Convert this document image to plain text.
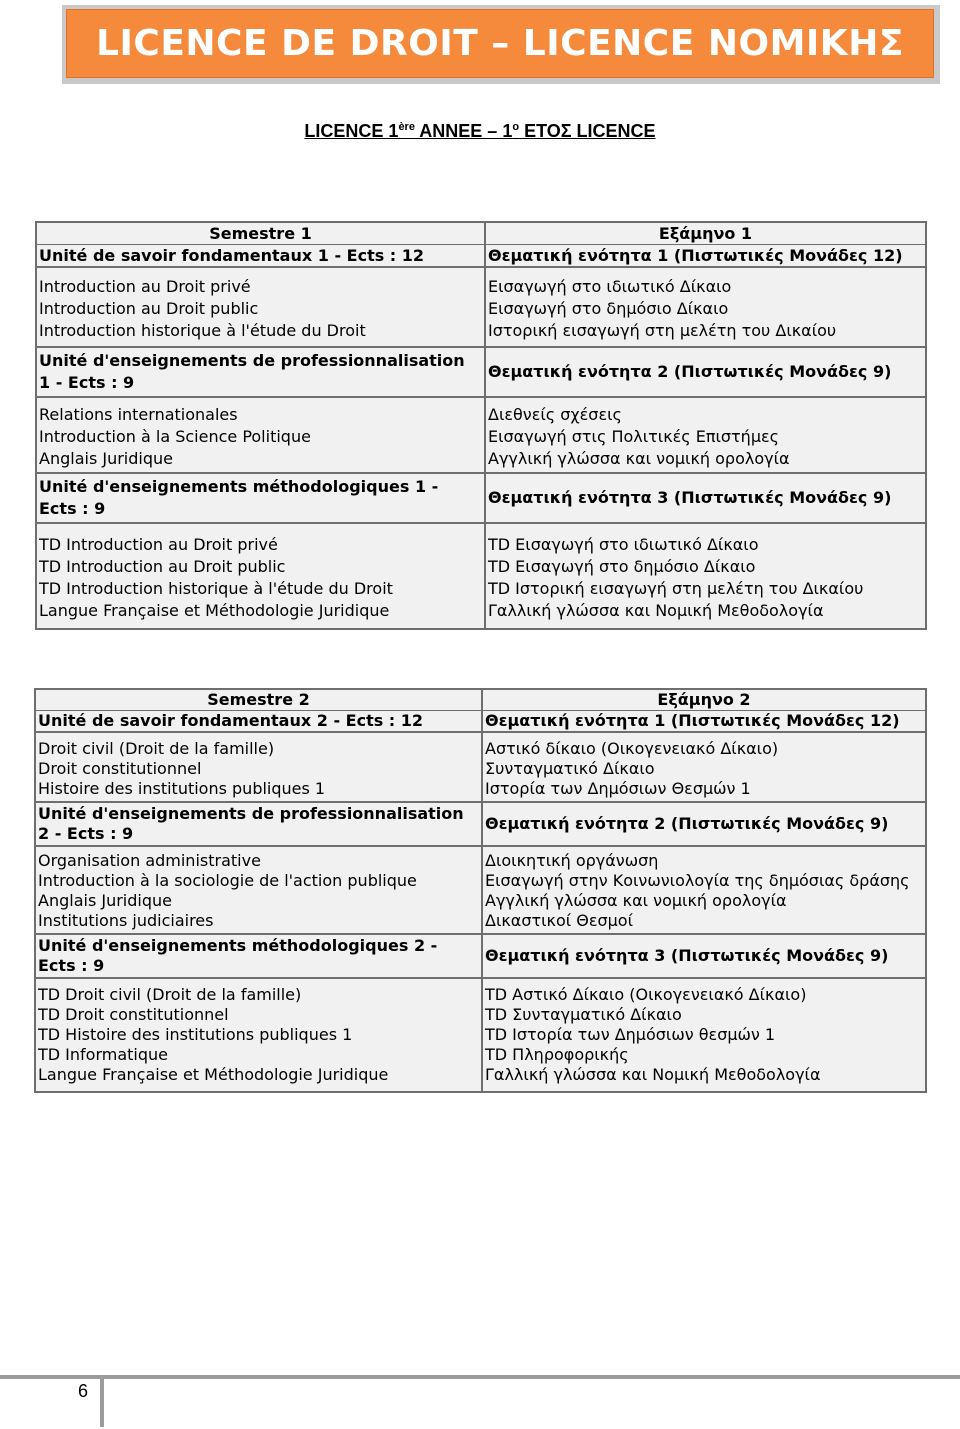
LICENCE DE DROIT – LICENCE ΝΟΜΙΚΗΣ
LICENCE 1ère ANNEE – $1^o$ ΕΤΟΣ LICENCE
Semestre 1	Εξάμηνο 1
Unité de savoir fondamentaux 1 - Ects : 12	Θεματική ενότητα 1 (Πιστωτικές Μονάδες 12)

Introduction au Droit privé
Introduction au Droit public
Introduction historique à l'étude du Droit	Εισαγωγή στο ιδιωτικό Δίκαιο
Εισαγωγή στο δημόσιο Δίκαιο
Ιστορική εισαγωγή στη μελέτη του Δικαίου

Unité d'enseignements de professionnalisation
1 - Ects : 9	Θεματική ενότητα 2 (Πιστωτικές Μονάδες 9)

Relations internationales
Introduction à la Science Politique
Anglais Juridique	Διεθνείς σχέσεις
Εισαγωγή στις Πολιτικές Επιστήμες
Αγγλική γλώσσα και νομική ορολογία

Unité d'enseignements méthodologiques 1 -
Ects : 9	Θεματική ενότητα 3 (Πιστωτικές Μονάδες 9)

TD Introduction au Droit privé
TD Introduction au Droit public
TD Introduction historique à l'étude du Droit
Langue Française et Méthodologie Juridique	TD Εισαγωγή στο ιδιωτικό Δίκαιο
TD Εισαγωγή στο δημόσιο Δίκαιο
TD Ιστορική εισαγωγή στη μελέτη του Δικαίου
Γαλλική γλώσσα και Νομική Μεθοδολογία
Semestre 2	Εξάμηνο 2
Unité de savoir fondamentaux 2 - Ects : 12	Θεματική ενότητα 1 (Πιστωτικές Μονάδες 12)

Droit civil (Droit de la famille)
Droit constitutionnel
Histoire des institutions publiques 1	Αστικό δίκαιο (Οικογενειακό Δίκαιο)
Συνταγματικό Δίκαιο
Ιστορία των Δημόσιων Θεσμών 1

Unité d'enseignements de professionnalisation
2 - Ects : 9	Θεματική ενότητα 2 (Πιστωτικές Μονάδες 9)

Organisation administrative
Introduction à la sociologie de l'action publique
Anglais Juridique
Institutions judiciaires	Διοικητική οργάνωση
Εισαγωγή στην Κοινωνιολογία της δημόσιας δράσης
Αγγλική γλώσσα και νομική ορολογία
Δικαστικοί Θεσμοί

Unité d'enseignements méthodologiques 2 -
Ects : 9	Θεματική ενότητα 3 (Πιστωτικές Μονάδες 9)

TD Droit civil (Droit de la famille)
TD Droit constitutionnel
TD Histoire des institutions publiques 1
TD Informatique
Langue Française et Méthodologie Juridique	TD Αστικό Δίκαιο (Οικογενειακό Δίκαιο)
TD Συνταγματικό Δίκαιο
TD Ιστορία των Δημόσιων θεσμών 1
TD Πληροφορικής
Γαλλική γλώσσα και Νομική Μεθοδολογία
6
